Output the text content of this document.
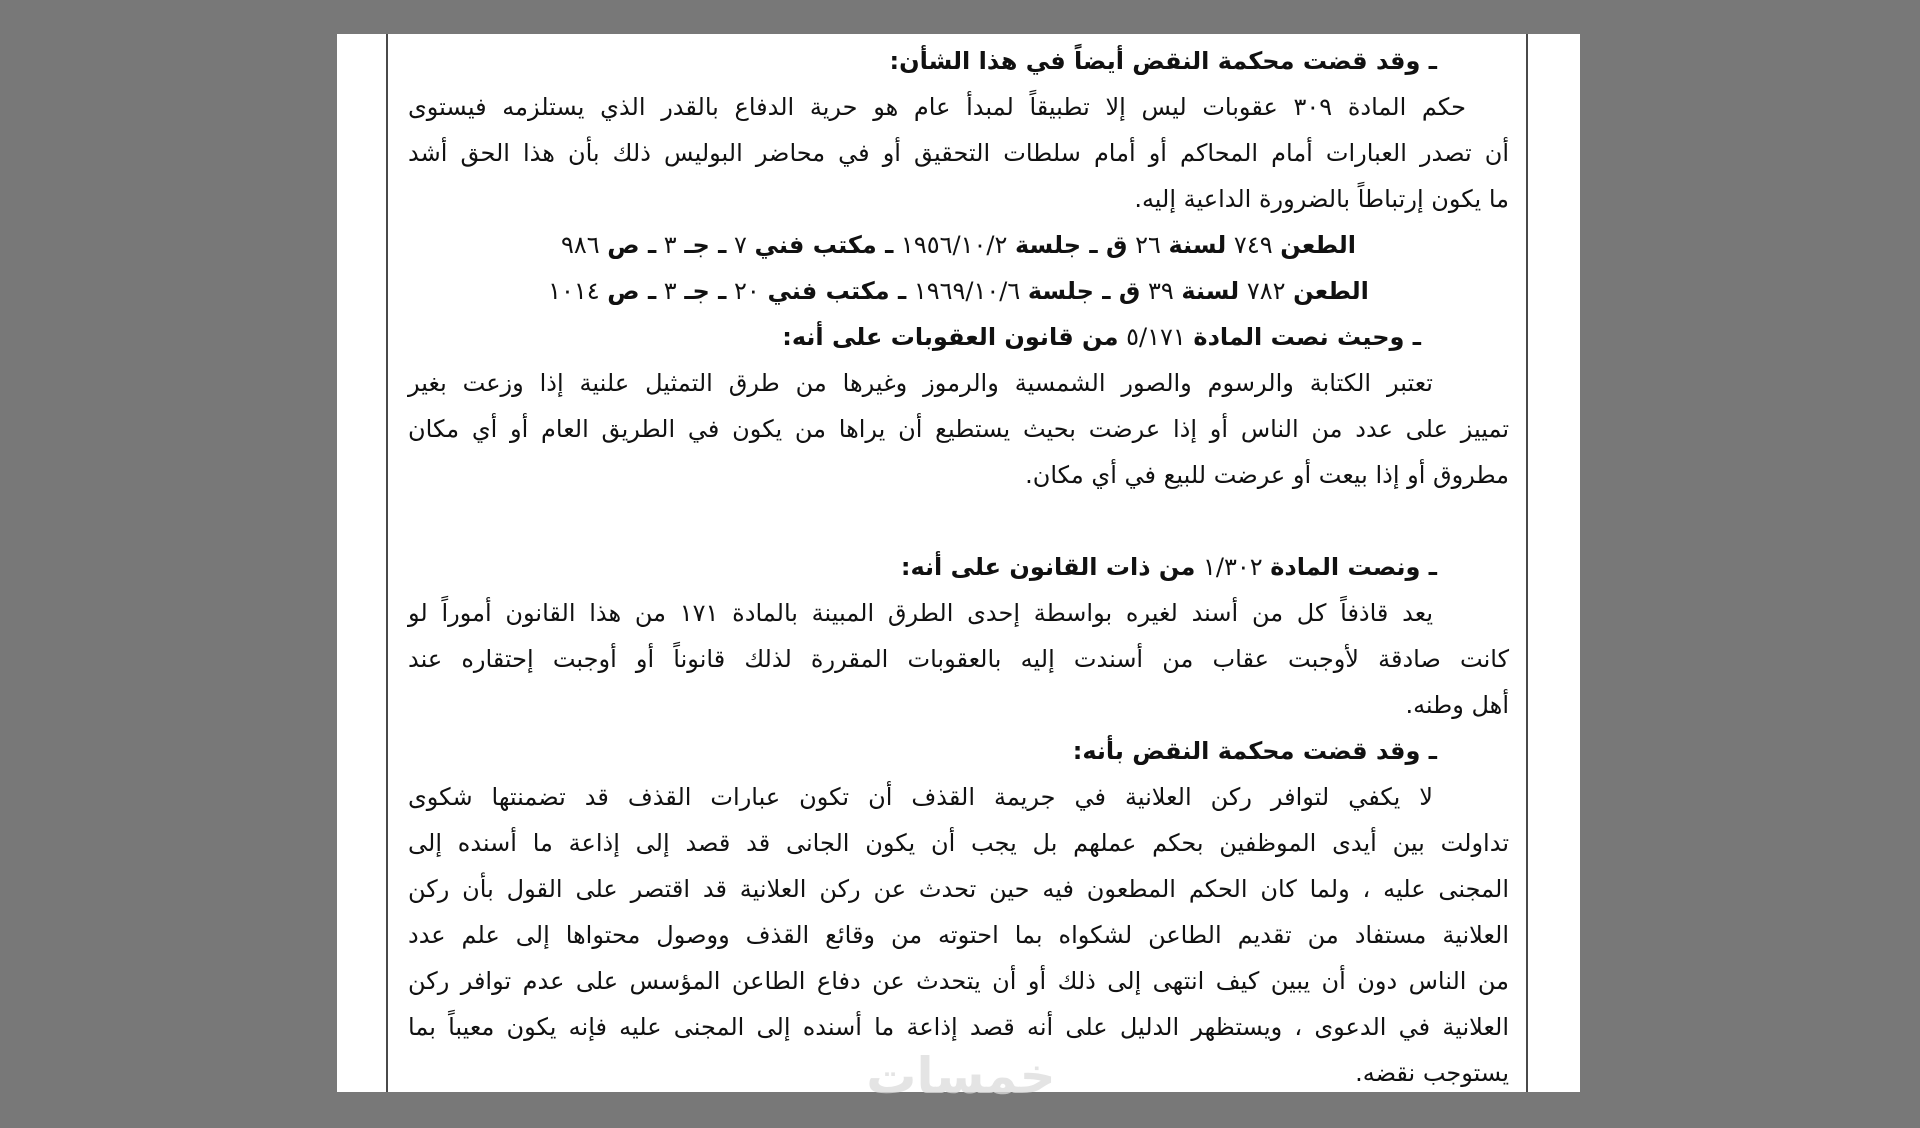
ـ وقد قضت محكمة النقض أيضاً في هذا الشأن:
حكم المادة ٣٠٩ عقوبات ليس إلا تطبيقاً لمبدأ عام هو حرية الدفاع بالقدر الذي يستلزمه فيستوى
أن تصدر العبارات أمام المحاكم أو أمام سلطات التحقيق أو في محاضر البوليس ذلك بأن هذا الحق أشد
ما يكون إرتباطاً بالضرورة الداعية إليه.
الطعن ٧٤٩ لسنة ٢٦ ق ـ جلسة ١٩٥٦/١٠/٢ ـ مكتب فني ٧ ـ جـ ٣ ـ ص ٩٨٦
الطعن ٧٨٢ لسنة ٣٩ ق ـ جلسة ١٩٦٩/١٠/٦ ـ مكتب فني ٢٠ ـ جـ ٣ ـ ص ١٠١٤
ـ وحيث نصت المادة ٥/١٧١ من قانون العقوبات على أنه:
تعتبر الكتابة والرسوم والصور الشمسية والرموز وغيرها من طرق التمثيل علنية إذا وزعت بغير
تمييز على عدد من الناس أو إذا عرضت بحيث يستطيع أن يراها من يكون في الطريق العام أو أي مكان
مطروق أو إذا بيعت أو عرضت للبيع في أي مكان.
ـ ونصت المادة ١/٣٠٢ من ذات القانون على أنه:
يعد قاذفاً كل من أسند لغيره بواسطة إحدى الطرق المبينة بالمادة ١٧١ من هذا القانون أموراً لو
كانت صادقة لأوجبت عقاب من أسندت إليه بالعقوبات المقررة لذلك قانوناً أو أوجبت إحتقاره عند
أهل وطنه.
ـ وقد قضت محكمة النقض بأنه:
لا يكفي لتوافر ركن العلانية في جريمة القذف أن تكون عبارات القذف قد تضمنتها شكوى
تداولت بين أيدى الموظفين بحكم عملهم بل يجب أن يكون الجانى قد قصد إلى إذاعة ما أسنده إلى
المجنى عليه ، ولما كان الحكم المطعون فيه حين تحدث عن ركن العلانية قد اقتصر على القول بأن ركن
العلانية مستفاد من تقديم الطاعن لشكواه بما احتوته من وقائع القذف ووصول محتواها إلى علم عدد
من الناس دون أن يبين كيف انتهى إلى ذلك أو أن يتحدث عن دفاع الطاعن المؤسس على عدم توافر ركن
العلانية في الدعوى ، ويستظهر الدليل على أنه قصد إذاعة ما أسنده إلى المجنى عليه فإنه يكون معيباً بما
يستوجب نقضه.
خمسات
